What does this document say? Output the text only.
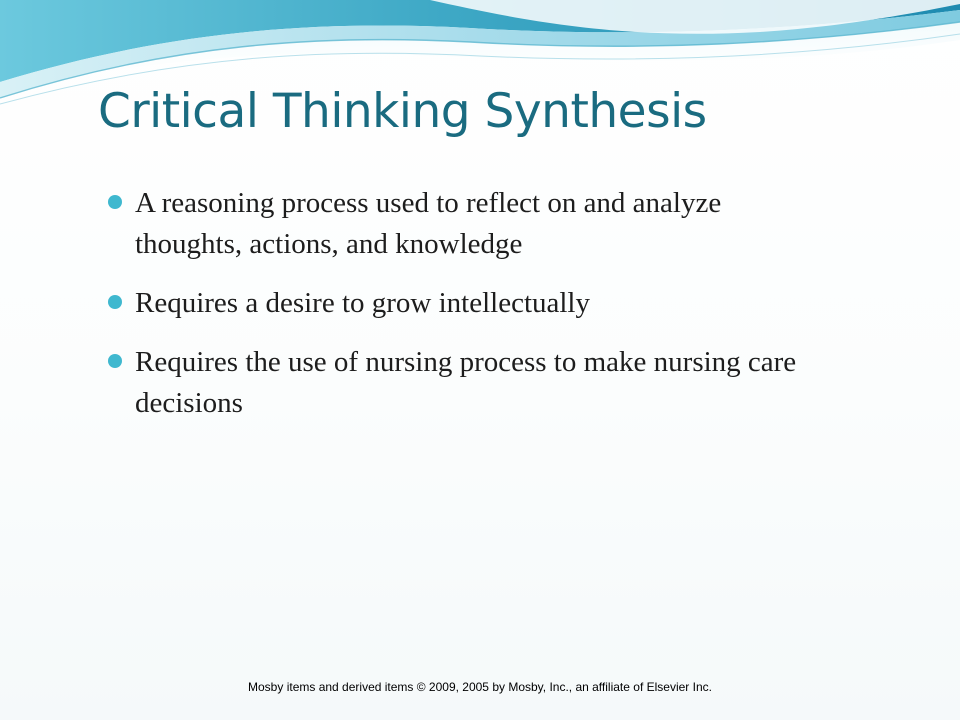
Critical Thinking Synthesis
A reasoning process used to reflect on and analyze thoughts, actions, and knowledge
Requires a desire to grow intellectually
Requires the use of nursing process to make nursing care decisions
Mosby items and derived items © 2009, 2005 by Mosby, Inc., an affiliate of Elsevier Inc.
